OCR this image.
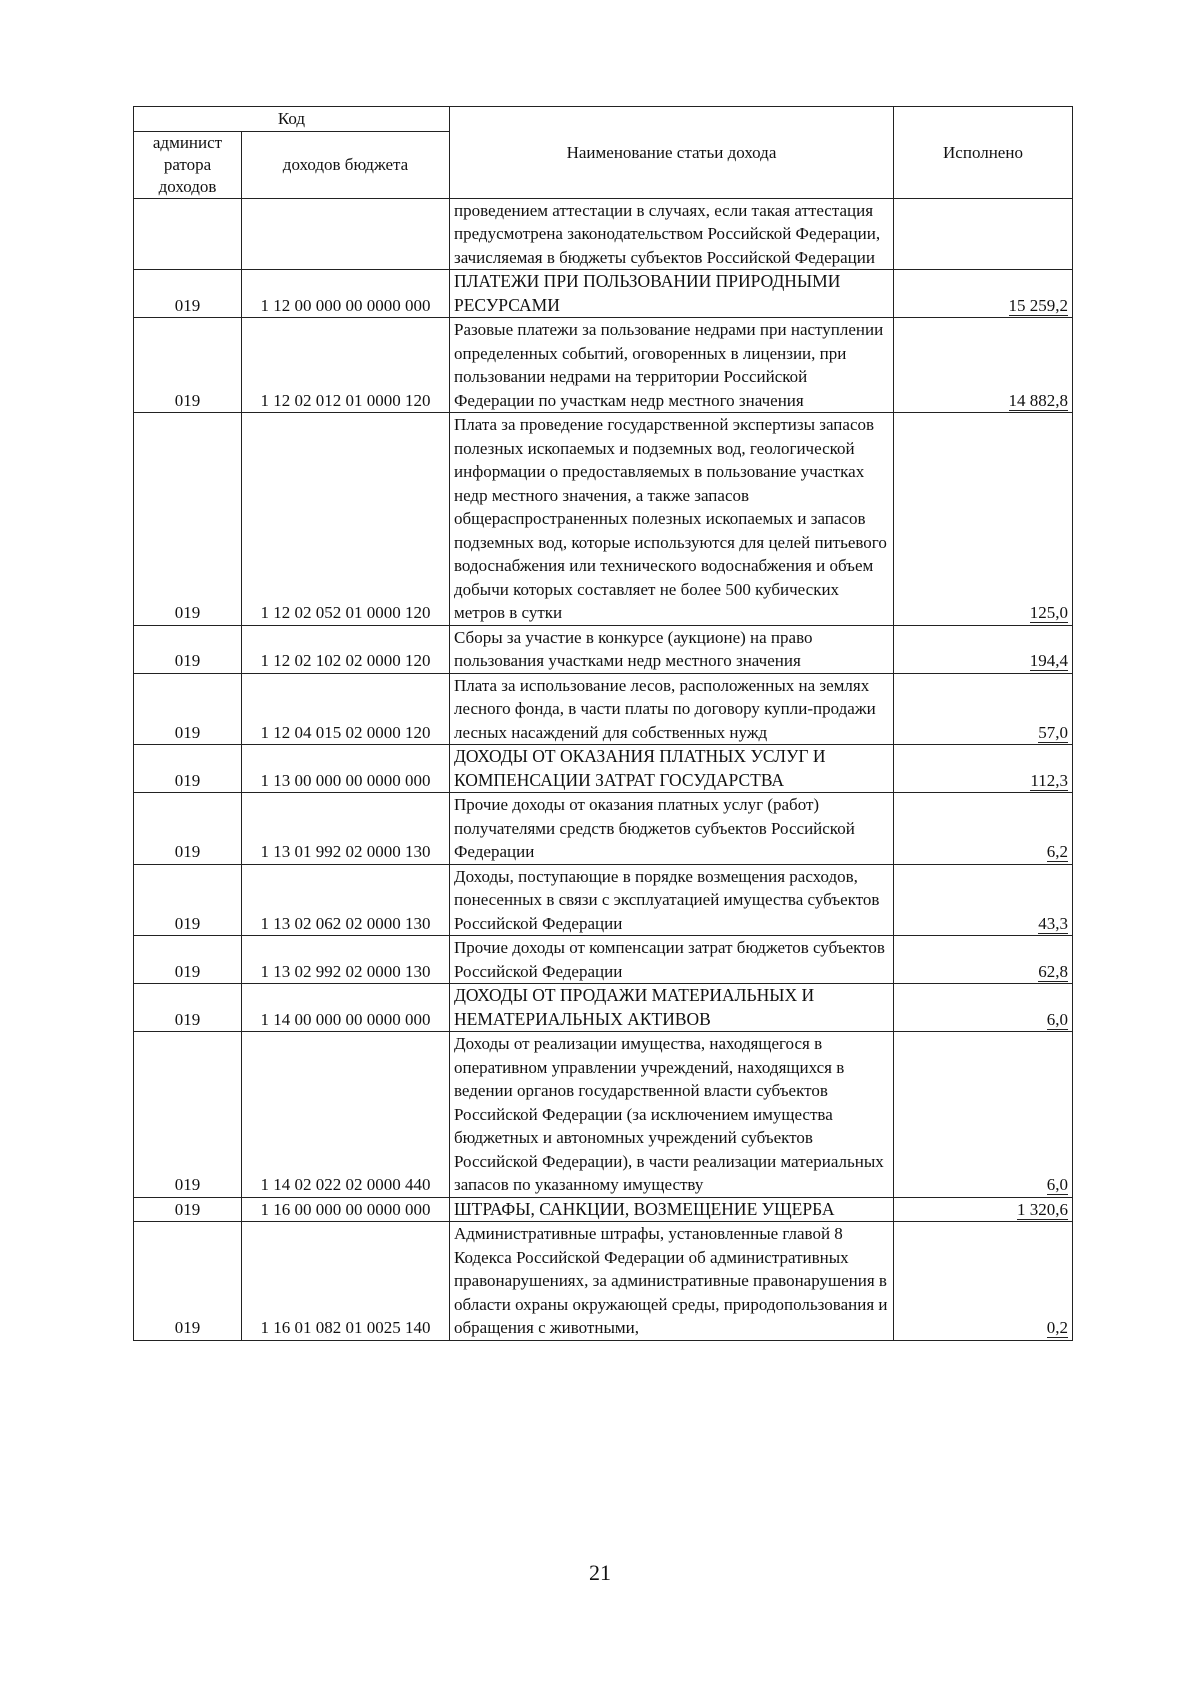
Код		Наименование статьи дохода	Исполнено
админист ратора доходов	доходов бюджета		
		проведением аттестации в случаях, если такая аттестация предусмотрена законодательством Российской Федерации, зачисляемая в бюджеты субъектов Российской Федерации	
019	1 12 00 000 00 0000 000	ПЛАТЕЖИ ПРИ ПОЛЬЗОВАНИИ ПРИРОДНЫМИ РЕСУРСАМИ	15 259,2
019	1 12 02 012 01 0000 120	Разовые платежи за пользование недрами при наступлении определенных событий, оговоренных в лицензии, при пользовании недрами на территории Российской Федерации по участкам недр местного значения	14 882,8
019	1 12 02 052 01 0000 120	Плата за проведение государственной экспертизы запасов полезных ископаемых и подземных вод, геологической информации о предоставляемых в пользование участках недр местного значения, а также запасов общераспространенных полезных ископаемых и запасов подземных вод, которые используются для целей питьевого водоснабжения или технического водоснабжения и объем добычи которых составляет не более 500 кубических метров в сутки	125,0
019	1 12 02 102 02 0000 120	Сборы за участие в конкурсе (аукционе) на право пользования участками недр местного значения	194,4
019	1 12 04 015 02 0000 120	Плата за использование лесов, расположенных на землях лесного фонда, в части платы по договору купли-продажи лесных насаждений для собственных нужд	57,0
019	1 13 00 000 00 0000 000	ДОХОДЫ ОТ ОКАЗАНИЯ ПЛАТНЫХ УСЛУГ И КОМПЕНСАЦИИ ЗАТРАТ ГОСУДАРСТВА	112,3
019	1 13 01 992 02 0000 130	Прочие доходы от оказания платных услуг (работ) получателями средств бюджетов субъектов Российской Федерации	6,2
019	1 13 02 062 02 0000 130	Доходы, поступающие в порядке возмещения расходов, понесенных в связи с эксплуатацией имущества субъектов Российской Федерации	43,3
019	1 13 02 992 02 0000 130	Прочие доходы от компенсации затрат бюджетов субъектов Российской Федерации	62,8
019	1 14 00 000 00 0000 000	ДОХОДЫ ОТ ПРОДАЖИ МАТЕРИАЛЬНЫХ И НЕМАТЕРИАЛЬНЫХ АКТИВОВ	6,0
019	1 14 02 022 02 0000 440	Доходы от реализации имущества, находящегося в оперативном управлении учреждений, находящихся в ведении органов государственной власти субъектов Российской Федерации (за исключением имущества бюджетных и автономных учреждений субъектов Российской Федерации), в части реализации материальных запасов по указанному имуществу	6,0
019	1 16 00 000 00 0000 000	ШТРАФЫ, САНКЦИИ, ВОЗМЕЩЕНИЕ УЩЕРБА	1 320,6
019	1 16 01 082 01 0025 140	Административные штрафы, установленные главой 8 Кодекса Российской Федерации об административных правонарушениях, за административные правонарушения в области охраны окружающей среды, природопользования и обращения с животными,	0,2
21
